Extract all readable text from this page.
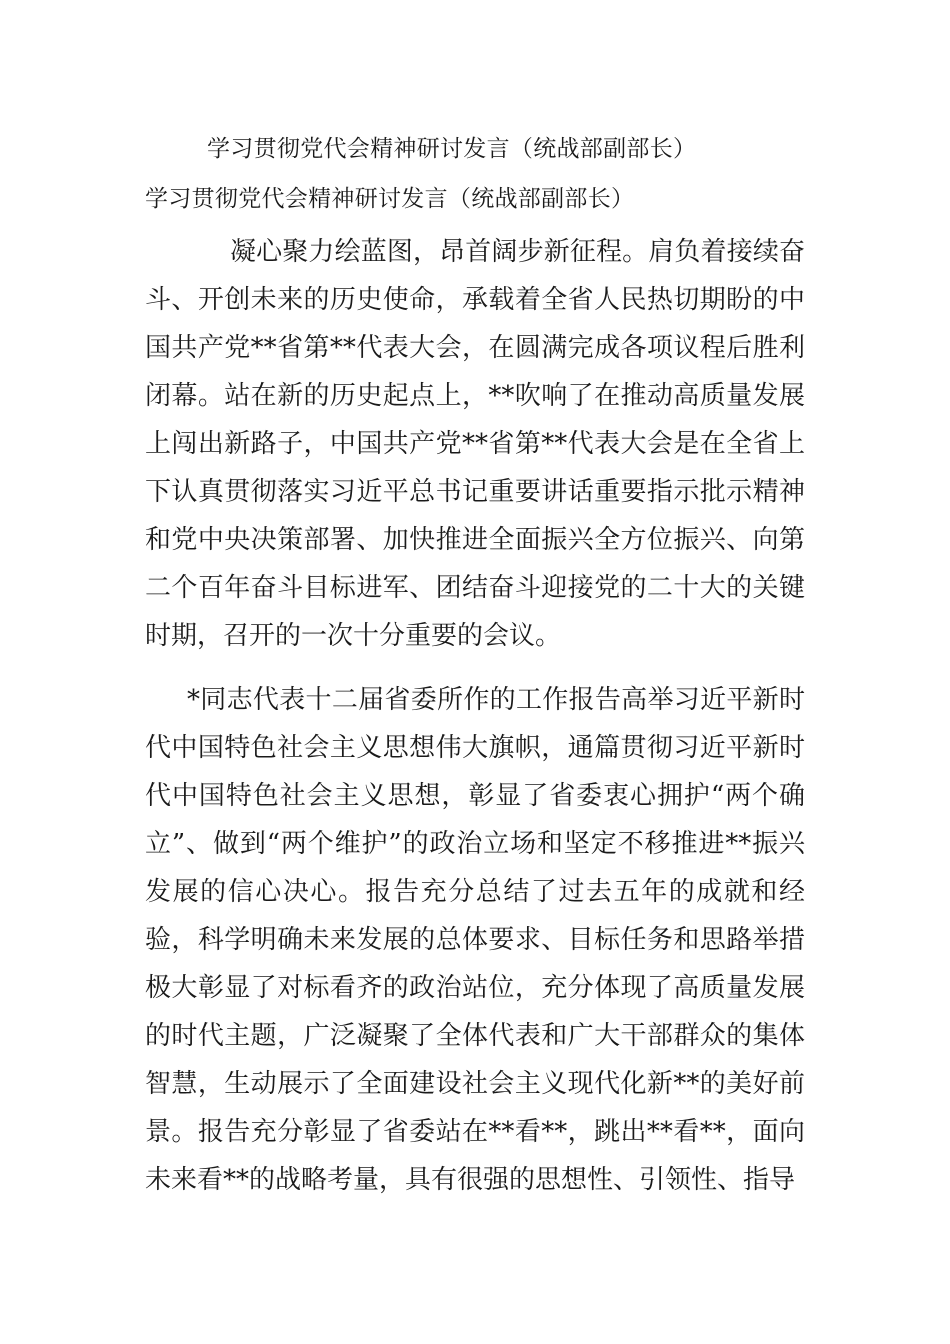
学习贯彻党代会精神研讨发言（统战部副部长）
学习贯彻党代会精神研讨发言（统战部副部长）

凝心聚力绘蓝图，昂首阔步新征程。肩负着接续奋斗、开创未来的历史使命，承载着全省人民热切期盼的中国共产党**省第**代表大会，在圆满完成各项议程后胜利闭幕。站在新的历史起点上，**吹响了在推动高质量发展上闯出新路子，中国共产党**省第**代表大会是在全省上下认真贯彻落实习近平总书记重要讲话重要指示批示精神和党中央决策部署、加快推进全面振兴全方位振兴、向第二个百年奋斗目标进军、团结奋斗迎接党的二十大的关键时期，召开的一次十分重要的会议。

*同志代表十二届省委所作的工作报告高举习近平新时代中国特色社会主义思想伟大旗帜，通篇贯彻习近平新时代中国特色社会主义思想，彰显了省委衷心拥护“两个确立”、做到“两个维护”的政治立场和坚定不移推进**振兴发展的信心决心。报告充分总结了过去五年的成就和经验，科学明确未来发展的总体要求、目标任务和思路举措极大彰显了对标看齐的政治站位，充分体现了高质量发展的时代主题，广泛凝聚了全体代表和广大干部群众的集体智慧，生动展示了全面建设社会主义现代化新**的美好前景。报告充分彰显了省委站在**看**，跳出**看**，面向未来看**的战略考量，具有很强的思想性、引领性、指导
